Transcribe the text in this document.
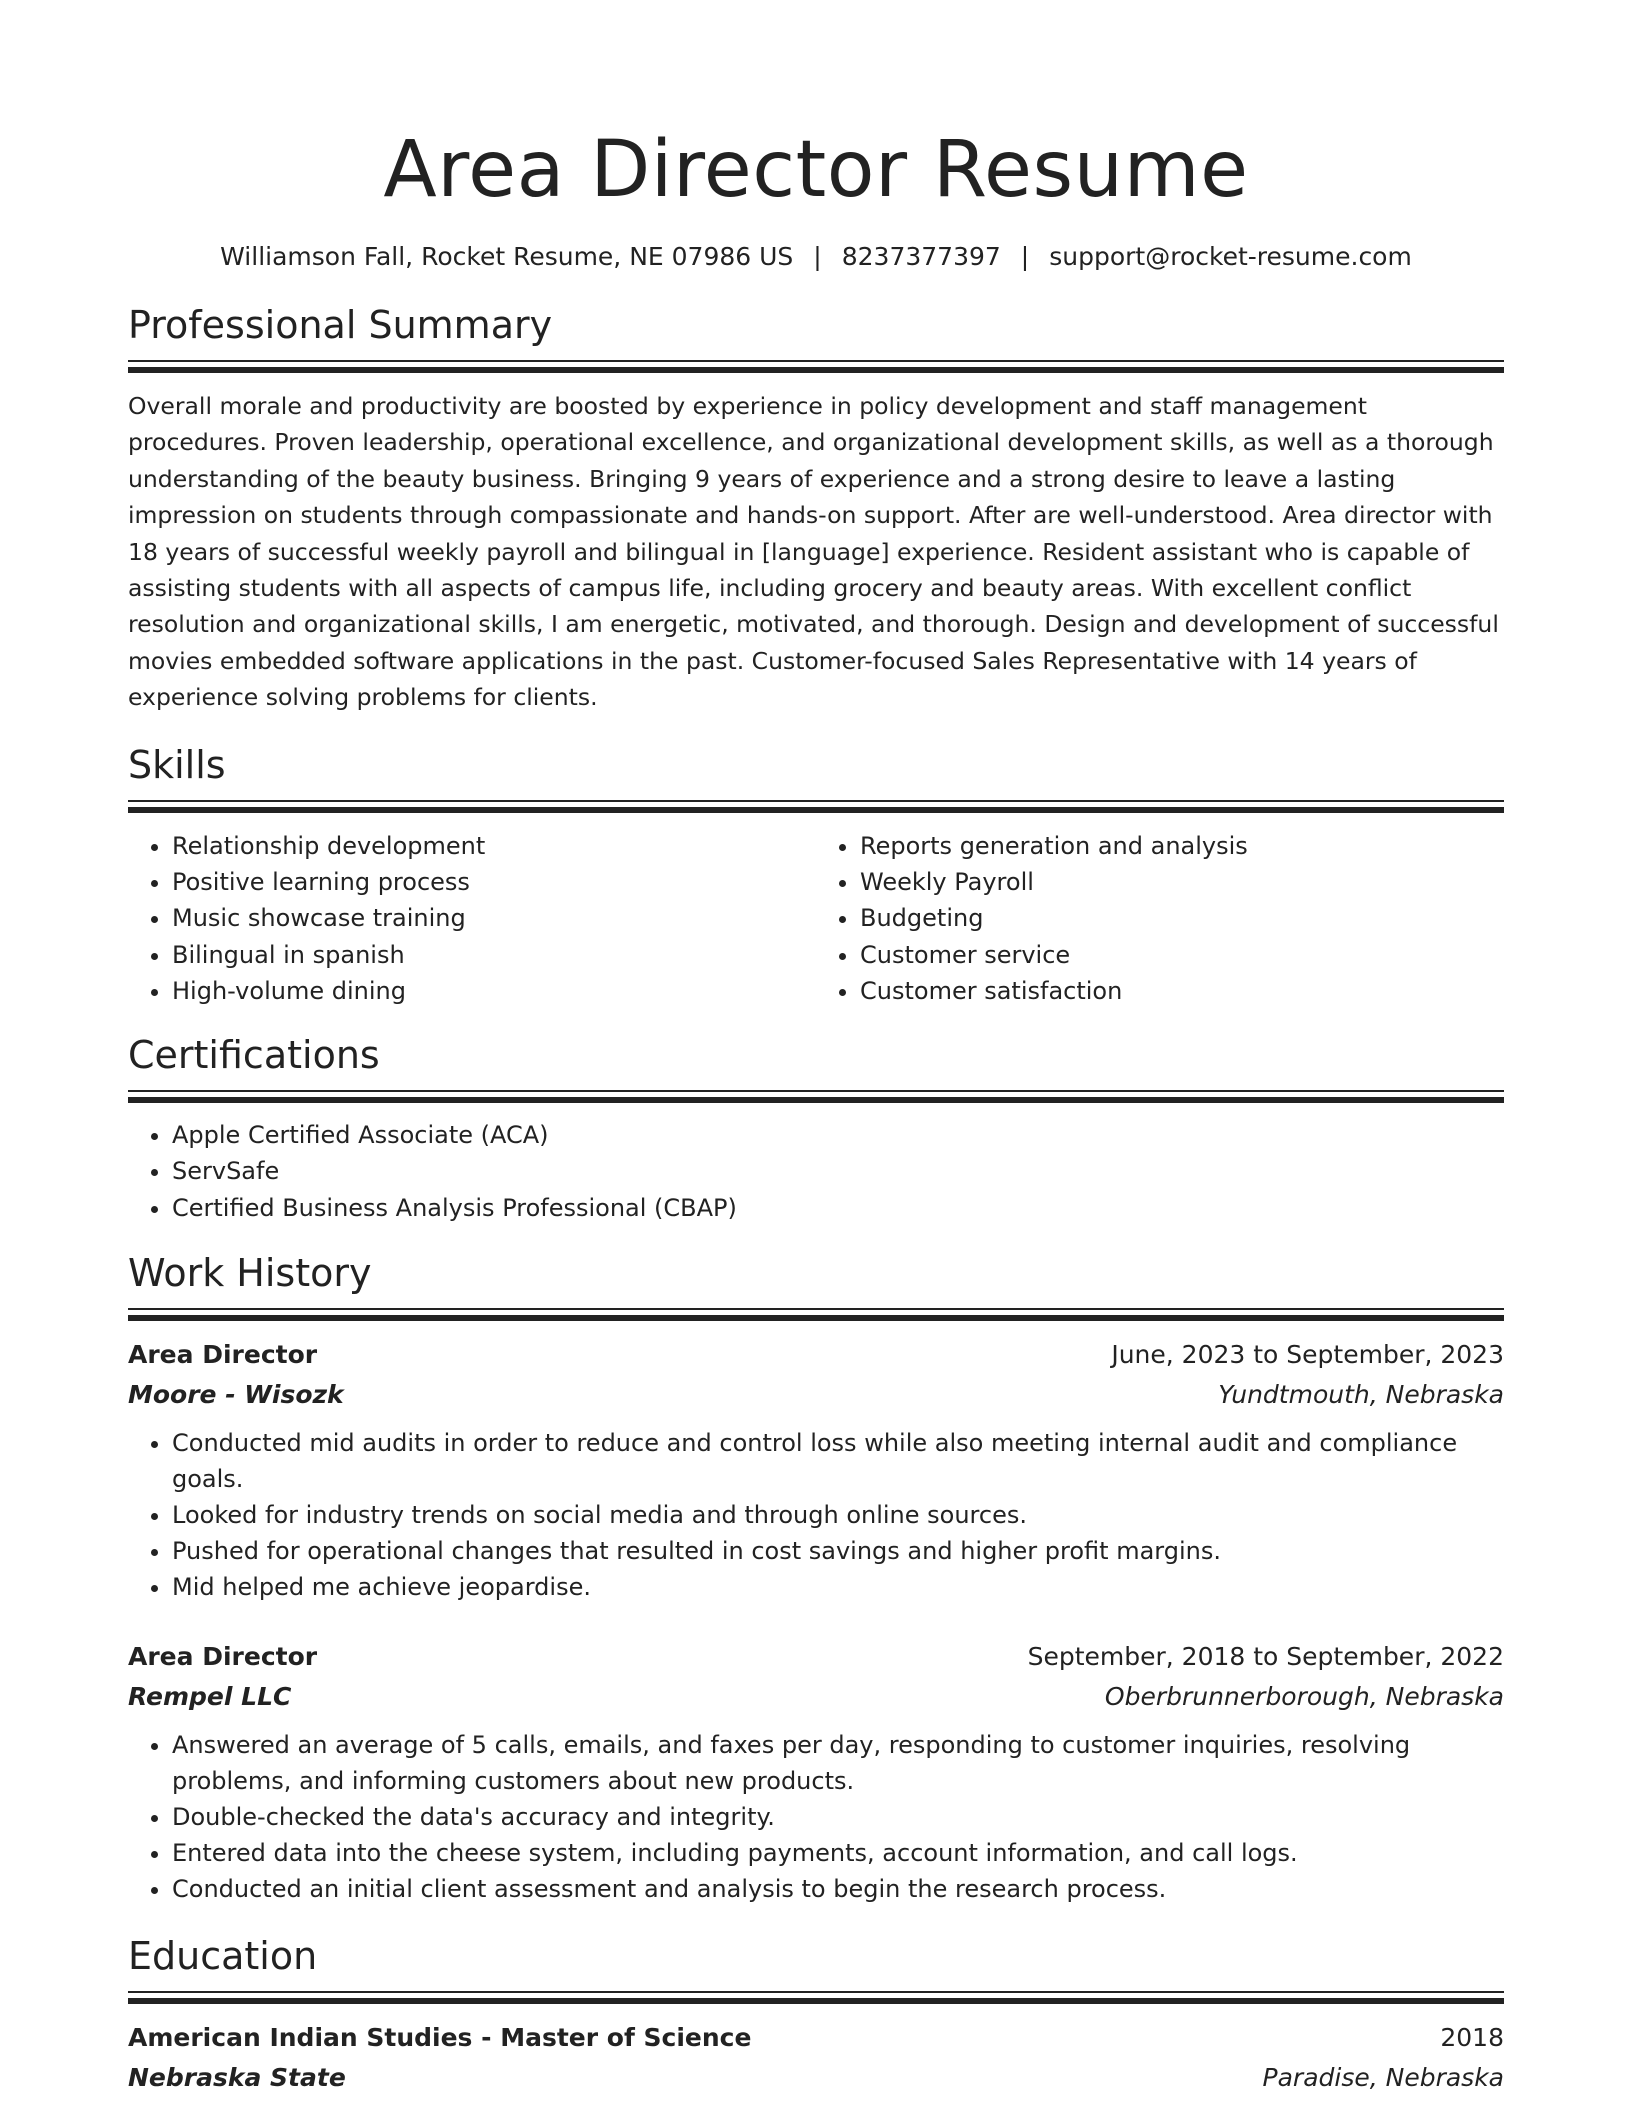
Area Director Resume
Williamson Fall, Rocket Resume, NE 07986 US | 8237377397 | support@rocket-resume.com
Professional Summary
Overall morale and productivity are boosted by experience in policy development and staff management procedures. Proven leadership, operational excellence, and organizational development skills, as well as a thorough understanding of the beauty business. Bringing 9 years of experience and a strong desire to leave a lasting impression on students through compassionate and hands-on support. After are well-understood. Area director with 18 years of successful weekly payroll and bilingual in [language] experience. Resident assistant who is capable of assisting students with all aspects of campus life, including grocery and beauty areas. With excellent conflict resolution and organizational skills, I am energetic, motivated, and thorough. Design and development of successful movies embedded software applications in the past. Customer-focused Sales Representative with 14 years of experience solving problems for clients.
Skills
• Relationship development
• Positive learning process
• Music showcase training
• Bilingual in spanish
• High-volume dining
• Reports generation and analysis
• Weekly Payroll
• Budgeting
• Customer service
• Customer satisfaction
Certifications
• Apple Certified Associate (ACA)
• ServSafe
• Certified Business Analysis Professional (CBAP)
Work History
Area Director	June, 2023 to September, 2023
Moore - Wisozk	Yundtmouth, Nebraska
• Conducted mid audits in order to reduce and control loss while also meeting internal audit and compliance goals.
• Looked for industry trends on social media and through online sources.
• Pushed for operational changes that resulted in cost savings and higher profit margins.
• Mid helped me achieve jeopardise.
Area Director	September, 2018 to September, 2022
Rempel LLC	Oberbrunnerborough, Nebraska
• Answered an average of 5 calls, emails, and faxes per day, responding to customer inquiries, resolving problems, and informing customers about new products.
• Double-checked the data's accuracy and integrity.
• Entered data into the cheese system, including payments, account information, and call logs.
• Conducted an initial client assessment and analysis to begin the research process.
Education
American Indian Studies - Master of Science	2018
Nebraska State	Paradise, Nebraska
